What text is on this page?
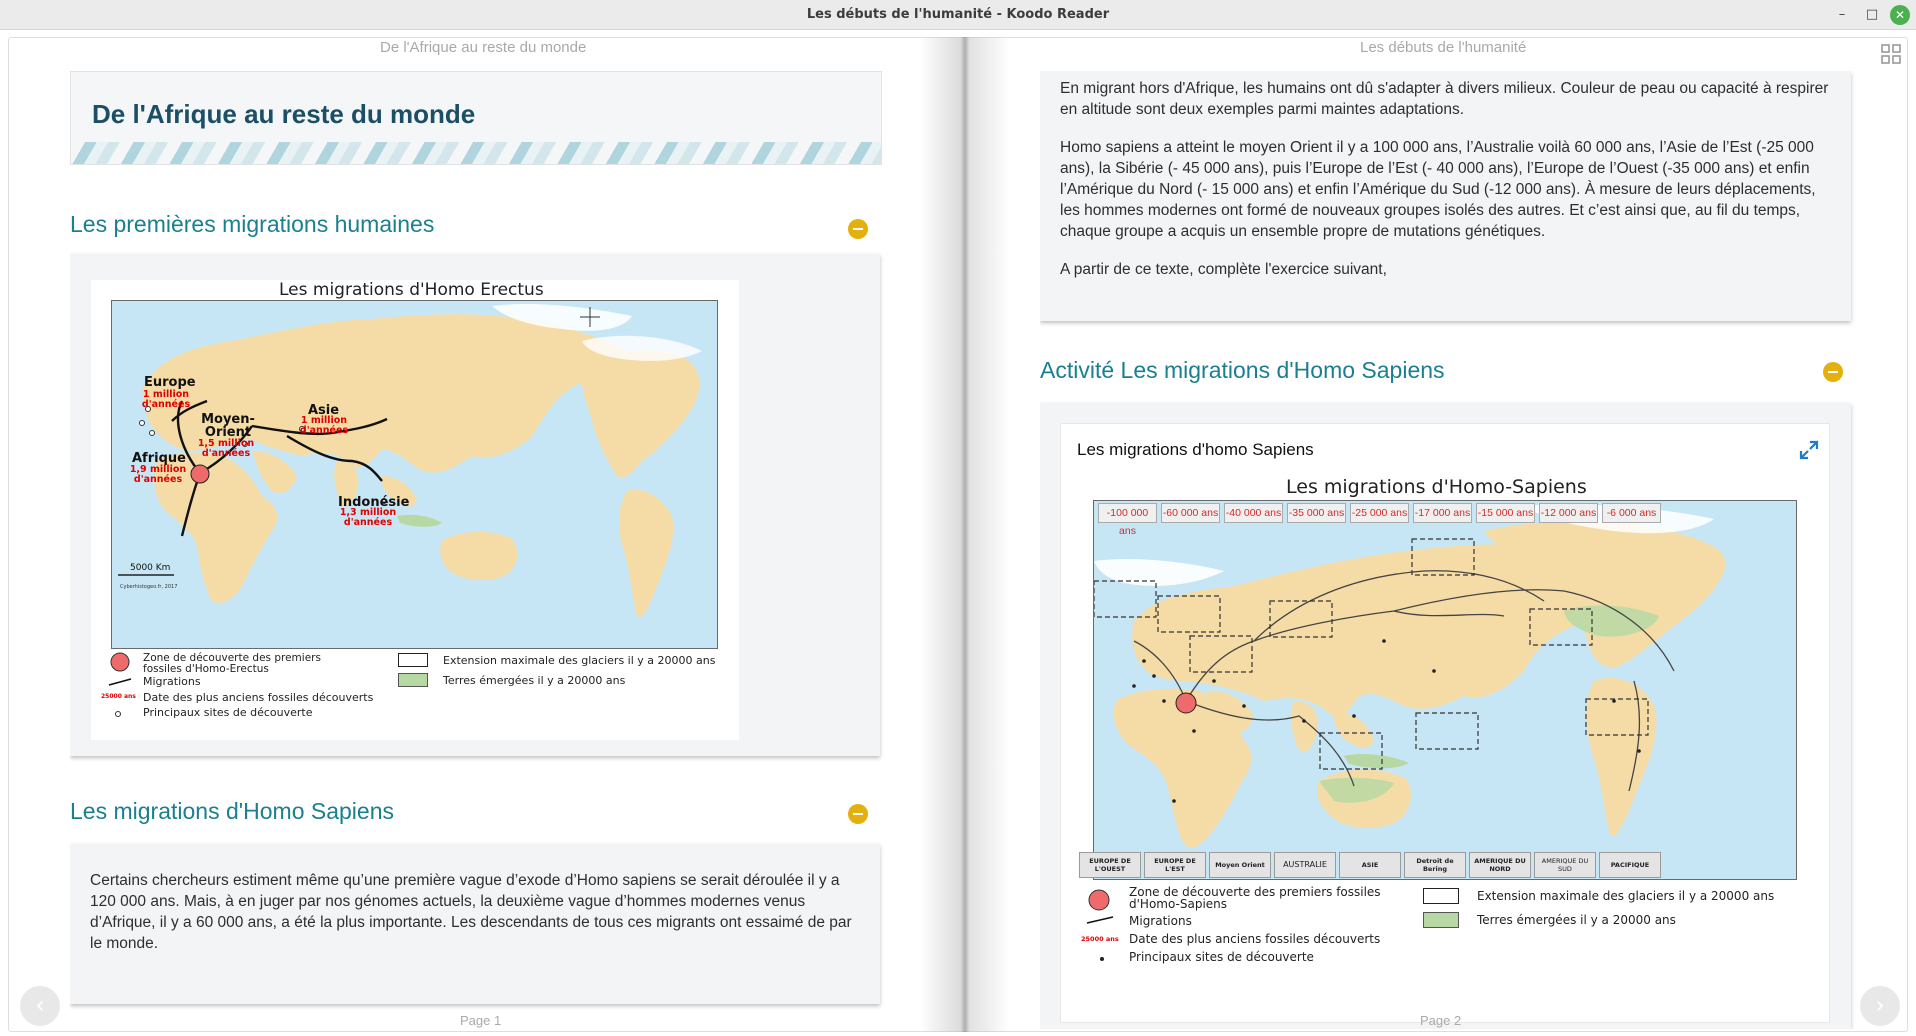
Les débuts de l'humanité - Koodo Reader	–	□	✕
De l'Afrique au reste du monde	Les débuts de l'humanité
De l'Afrique au reste du monde
Les premières migrations humaines
Les migrations d'Homo Erectus
Europe
1 million d'années
Moyen- Orient
1,5 million d'années
Asie
1 million d'années
Afrique
1,9 million d'années
Indonésie
1,3 million d'années
5000 Km
Cyberhistogeo.fr, 2017
Zone de découverte des premiers fossiles d'Homo-Erectus
Migrations
25000 ans Date des plus anciens fossiles découverts
Principaux sites de découverte
Extension maximale des glaciers il y a 20000 ans
Terres émergées il y a 20000 ans
Les migrations d'Homo Sapiens
Certains chercheurs estiment même qu’une première vague d’exode d’Homo sapiens se serait déroulée il y a 120 000 ans. Mais, à en juger par nos génomes actuels, la deuxième vague d’hommes modernes venus d’Afrique, il y a 60 000 ans, a été la plus importante. Les descendants de tous ces migrants ont essaimé de par le monde.

En migrant hors d'Afrique, les humains ont dû s'adapter à divers milieux. Couleur de peau ou capacité à respirer en altitude sont deux exemples parmi maintes adaptations.

Homo sapiens a atteint le moyen Orient il y a 100 000 ans, l’Australie voilà 60 000 ans, l’Asie de l’Est (-25 000 ans), la Sibérie (- 45 000 ans), puis l’Europe de l’Est (- 40 000 ans), l’Europe de l’Ouest (-35 000 ans) et enfin l’Amérique du Nord (- 15 000 ans) et enfin l’Amérique du Sud (-12 000 ans). À mesure de leurs déplacements, les hommes modernes ont formé de nouveaux groupes isolés des autres. Et c’est ainsi que, au fil du temps, chaque groupe a acquis un ensemble propre de mutations génétiques.

A partir de ce texte, complète l'exercice suivant,

Activité Les migrations d'Homo Sapiens
Les migrations d'homo Sapiens
Les migrations d'Homo-Sapiens
-100 000 ans
-60 000 ans -40 000 ans -35 000 ans -25 000 ans -17 000 ans -15 000 ans -12 000 ans -6 000 ans
EUROPE DE L'OUEST
EUROPE DE L'EST	Moyen Orient	AUSTRALIE	ASIE	Detroit de Bering
AMERIQUE DU NORD
AMERIQUE DU SUD	PACIFIQUE
Zone de découverte des premiers fossiles d'Homo-Sapiens
Migrations
25000 ans Date des plus anciens fossiles découverts
Principaux sites de découverte
Extension maximale des glaciers il y a 20000 ans
Terres émergées il y a 20000 ans
Page 1	Page 2
‹	›
